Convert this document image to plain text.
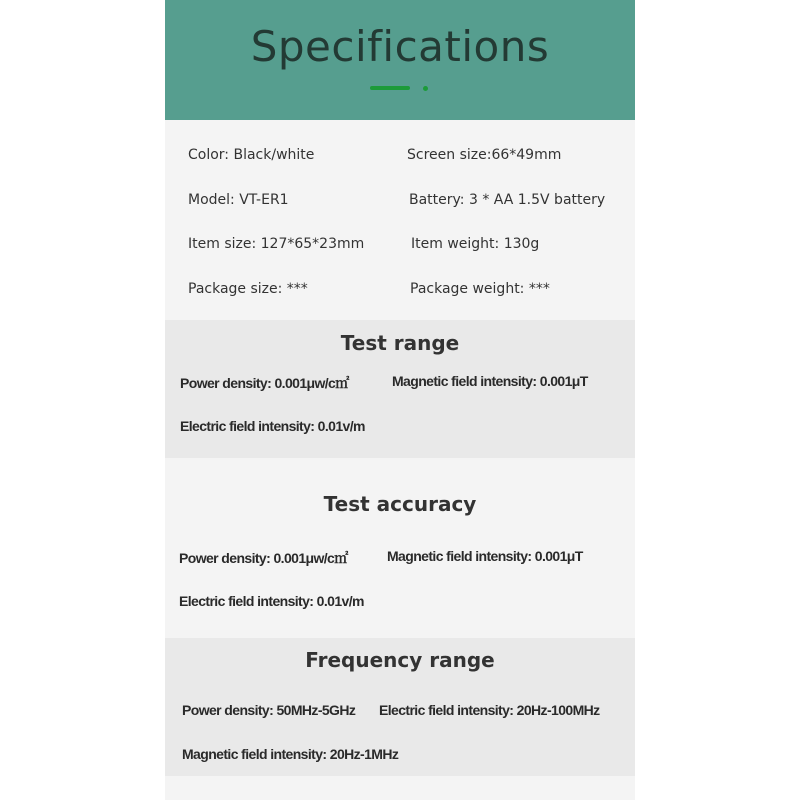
Specifications
Color: Black/white	Screen size:66*49mm
Model: VT-ER1	Battery: 3 * AA 1.5V battery
Item size: 127*65*23mm	Item weight: 130g
Package size: ***	Package weight: ***
Test range
Power density: 0.001μw/c㎡	Magnetic field intensity: 0.001μT
Electric field intensity: 0.01v/m
Test accuracy
Power density: 0.001μw/c㎡	Magnetic field intensity: 0.001μT
Electric field intensity: 0.01v/m
Frequency range
Power density: 50MHz-5GHz Electric field intensity: 20Hz-100MHz
Magnetic field intensity: 20Hz-1MHz
